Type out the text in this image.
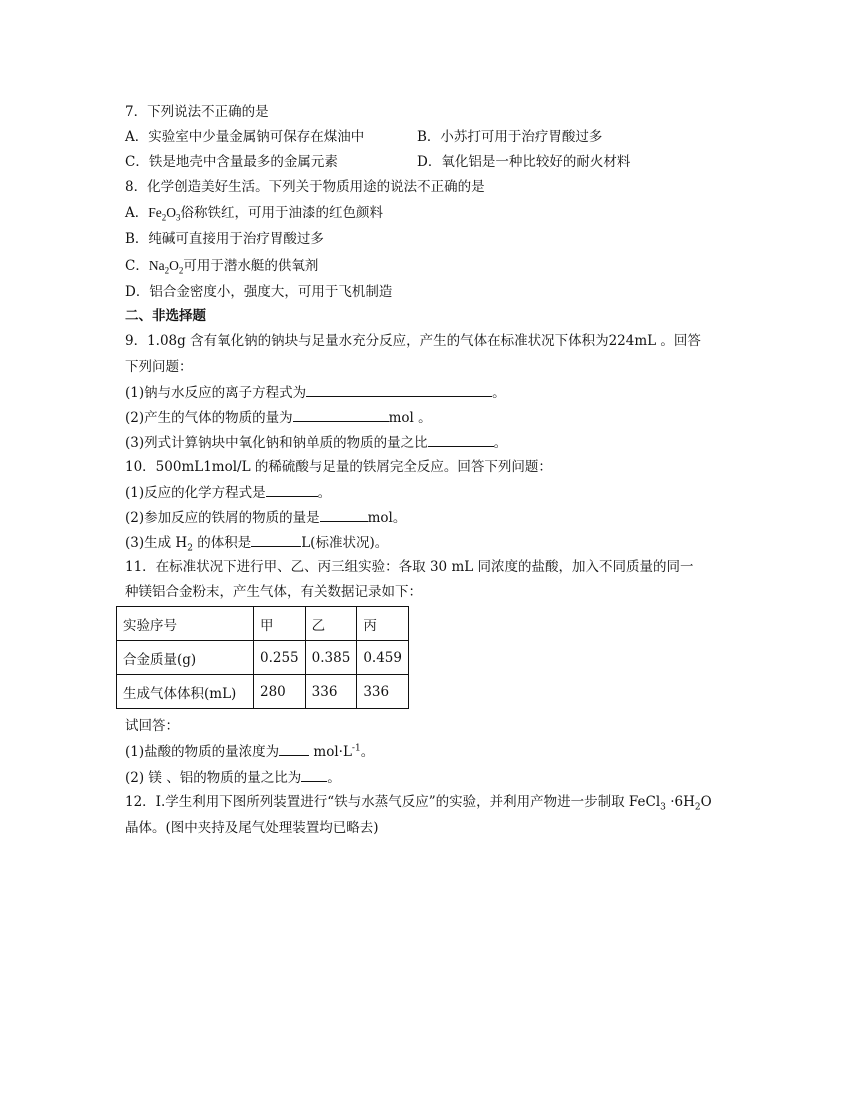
7．下列说法不正确的是
A．实验室中少量金属钠可保存在煤油中	B．小苏打可用于治疗胃酸过多
C．铁是地壳中含量最多的金属元素	D．氧化铝是一种比较好的耐火材料
8．化学创造美好生活。下列关于物质用途的说法不正确的是
A．$Fe_2O_3$俗称铁红，可用于油漆的红色颜料
B．纯碱可直接用于治疗胃酸过多
C．$Na_2O_2$可用于潜水艇的供氧剂
D．铝合金密度小，强度大，可用于飞机制造
二、非选择题
9．1.08g 含有氧化钠的钠块与足量水充分反应，产生的气体在标准状况下体积为224mL 。回答
下列问题：
(1)钠与水反应的离子方程式为	。
(2)产生的气体的物质的量为	mol 。
(3)列式计算钠块中氧化钠和钠单质的物质的量之比	。
10．500mL1mol/L 的稀硫酸与足量的铁屑完全反应。回答下列问题：
(1)反应的化学方程式是	。
(2)参加反应的铁屑的物质的量是	mol。
(3)生成 $H_2$ 的体积是	L(标准状况)。
11．在标准状况下进行甲、乙、丙三组实验：各取 30 mL 同浓度的盐酸，加入不同质量的同一
种镁铝合金粉末，产生气体，有关数据记录如下：
实验序号	甲	乙	丙
合金质量(g)	0.255	0.385	0.459
生成气体体积(mL)	280	336	336
试回答：
(1)盐酸的物质的量浓度为 $mol\cdot L^{-1}$。
(2) 镁 、铝的物质的量之比为 。
12．I.学生利用下图所列装置进行“铁与水蒸气反应”的实验，并利用产物进一步制取 FeCl$_3$ $\cdot 6H_2O$
晶体。(图中夹持及尾气处理装置均已略去)
